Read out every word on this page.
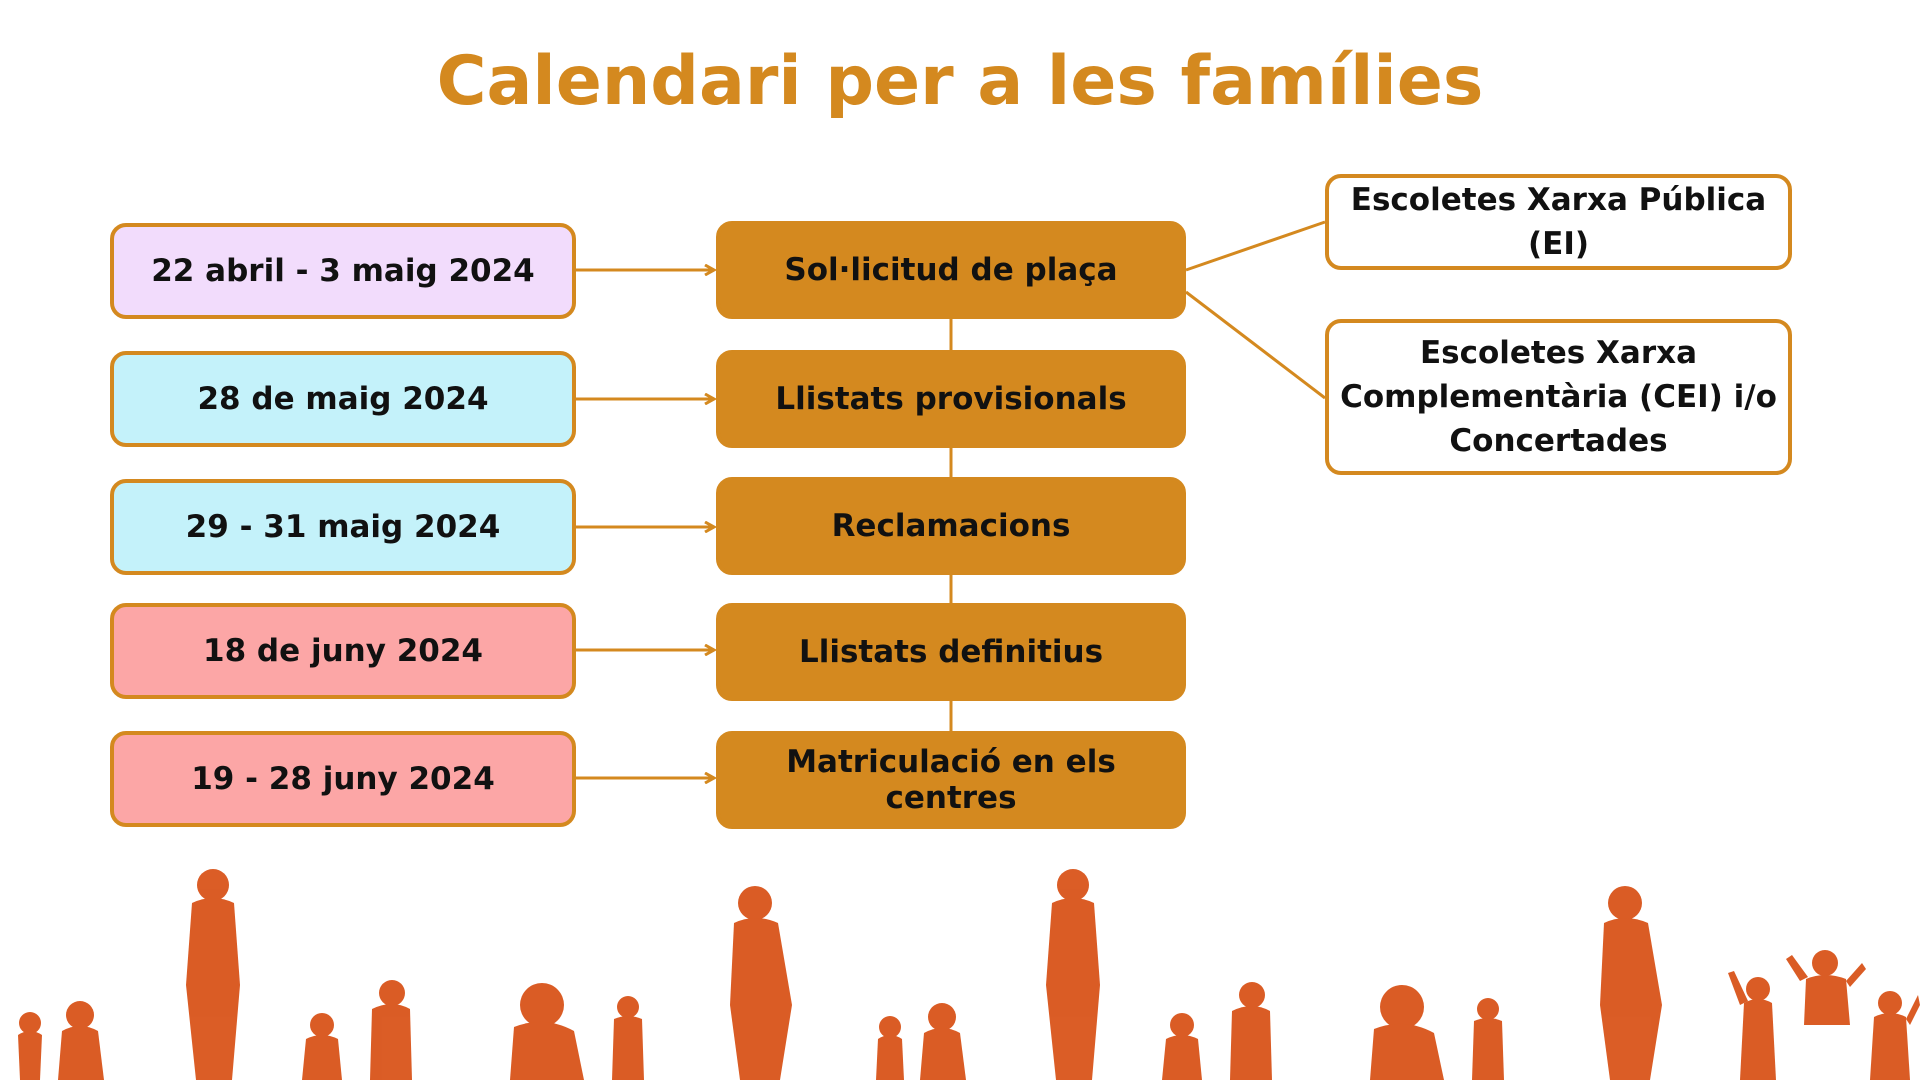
Calendari per a les famílies
22 abril - 3 maig 2024
28 de maig 2024
29 - 31 maig 2024
18 de juny 2024
19 - 28 juny 2024
Sol·licitud de plaça
Llistats provisionals
Reclamacions
Llistats definitius
Matriculació en els centres
Escoletes Xarxa Pública (EI)
Escoletes Xarxa Complementària (CEI) i/o Concertades
